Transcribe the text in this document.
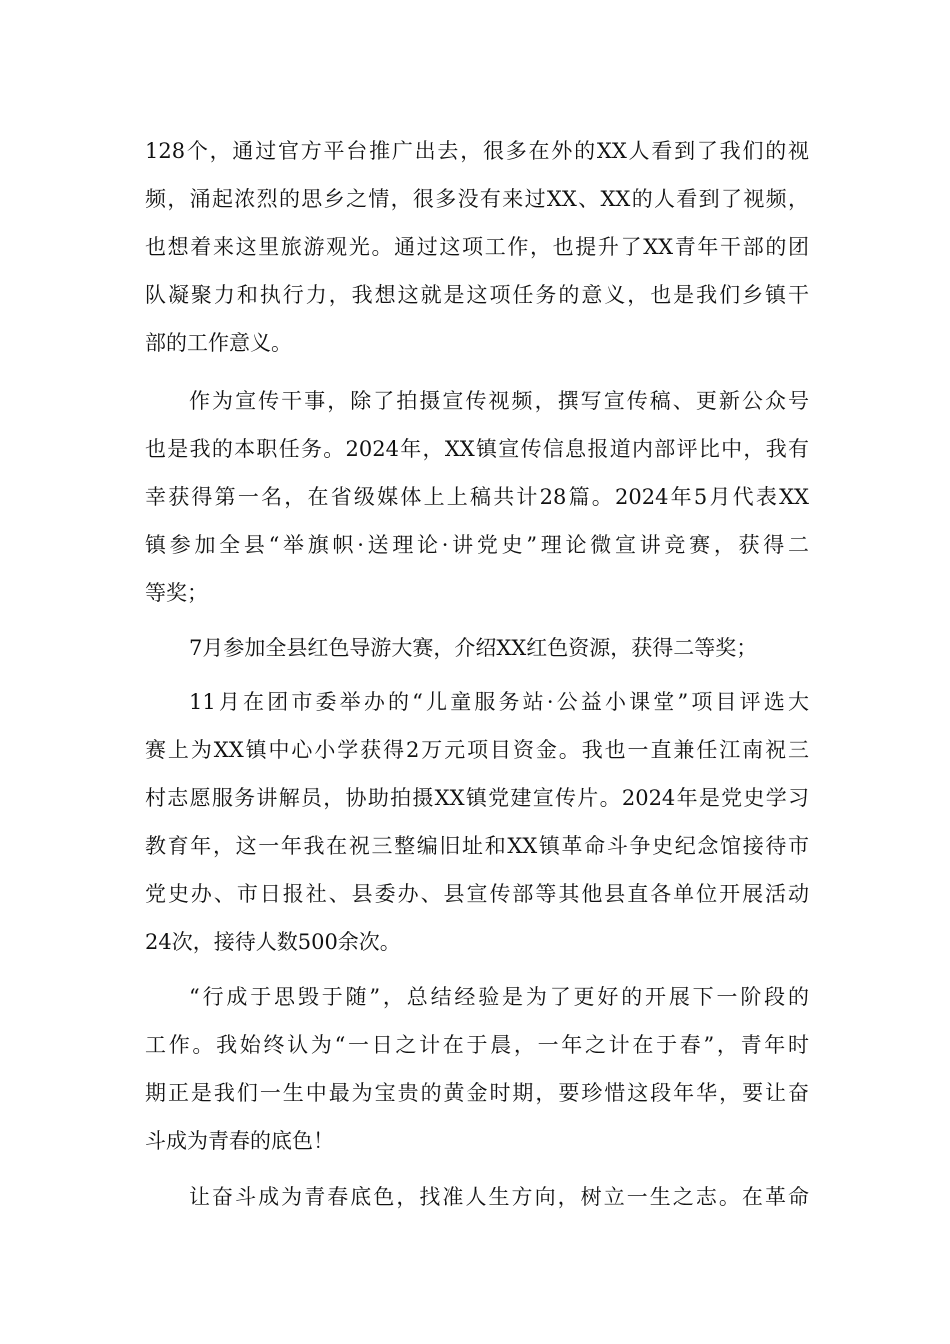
128个，通过官方平台推广出去，很多在外的XX人看到了我们的视
频，涌起浓烈的思乡之情，很多没有来过XX、XX的人看到了视频，
也想着来这里旅游观光。通过这项工作，也提升了XX青年干部的团
队凝聚力和执行力，我想这就是这项任务的意义，也是我们乡镇干
部的工作意义。
作为宣传干事，除了拍摄宣传视频，撰写宣传稿、更新公众号
也是我的本职任务。2024年，XX镇宣传信息报道内部评比中，我有
幸获得第一名，在省级媒体上上稿共计28篇。2024年5月代表XX
镇参加全县“举旗帜·送理论·讲党史”理论微宣讲竞赛，获得二
等奖；
7月参加全县红色导游大赛，介绍XX红色资源，获得二等奖；
11月在团市委举办的“儿童服务站·公益小课堂”项目评选大
赛上为XX镇中心小学获得2万元项目资金。我也一直兼任江南祝三
村志愿服务讲解员，协助拍摄XX镇党建宣传片。2024年是党史学习
教育年，这一年我在祝三整编旧址和XX镇革命斗争史纪念馆接待市
党史办、市日报社、县委办、县宣传部等其他县直各单位开展活动
24次，接待人数500余次。
“行成于思毁于随”，总结经验是为了更好的开展下一阶段的
工作。我始终认为“一日之计在于晨，一年之计在于春”，青年时
期正是我们一生中最为宝贵的黄金时期，要珍惜这段年华，要让奋
斗成为青春的底色！
让奋斗成为青春底色，找准人生方向，树立一生之志。在革命
